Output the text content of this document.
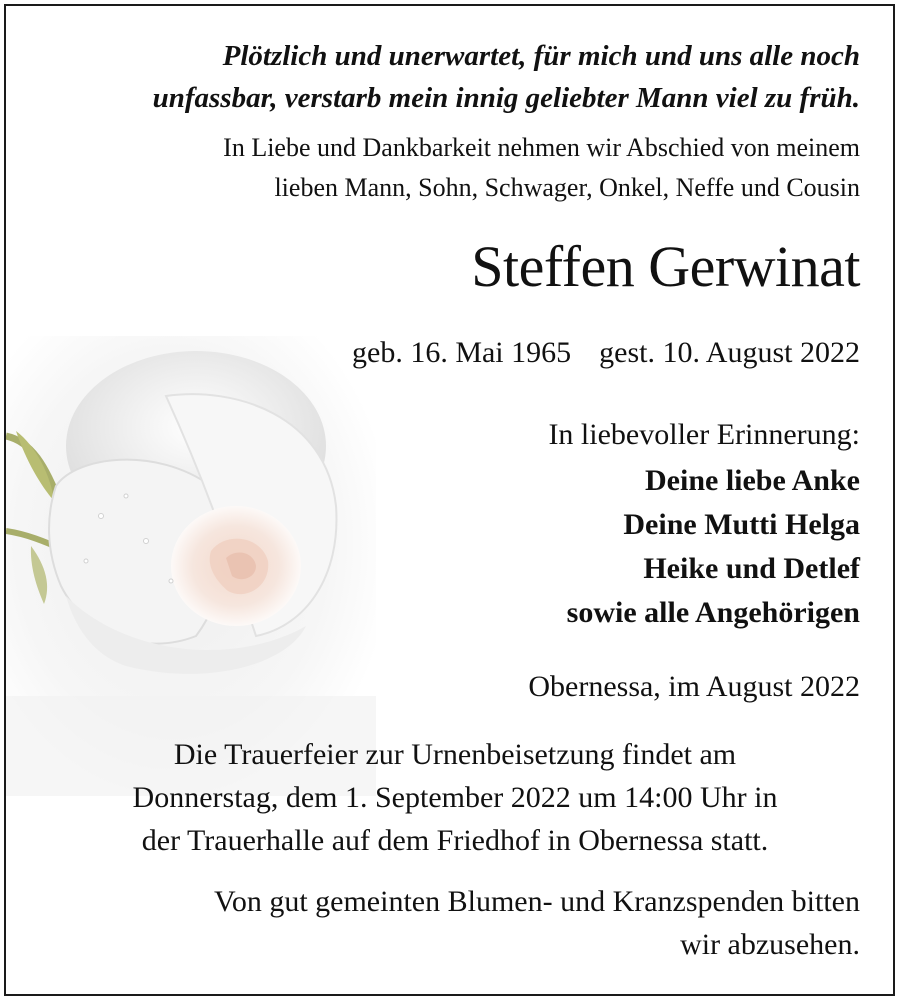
Plötzlich und unerwartet, für mich und uns alle noch
unfassbar, verstarb mein innig geliebter Mann viel zu früh.
In Liebe und Dankbarkeit nehmen wir Abschied von meinem
lieben Mann, Sohn, Schwager, Onkel, Neffe und Cousin
Steffen Gerwinat
geb. 16. Mai 1965 gest. 10. August 2022
In liebevoller Erinnerung:
Deine liebe Anke
Deine Mutti Helga
Heike und Detlef
sowie alle Angehörigen
Obernessa, im August 2022
Die Trauerfeier zur Urnenbeisetzung findet am
Donnerstag, dem 1. September 2022 um 14:00 Uhr in
der Trauerhalle auf dem Friedhof in Obernessa statt.
Von gut gemeinten Blumen- und Kranzspenden bitten
wir abzusehen.
